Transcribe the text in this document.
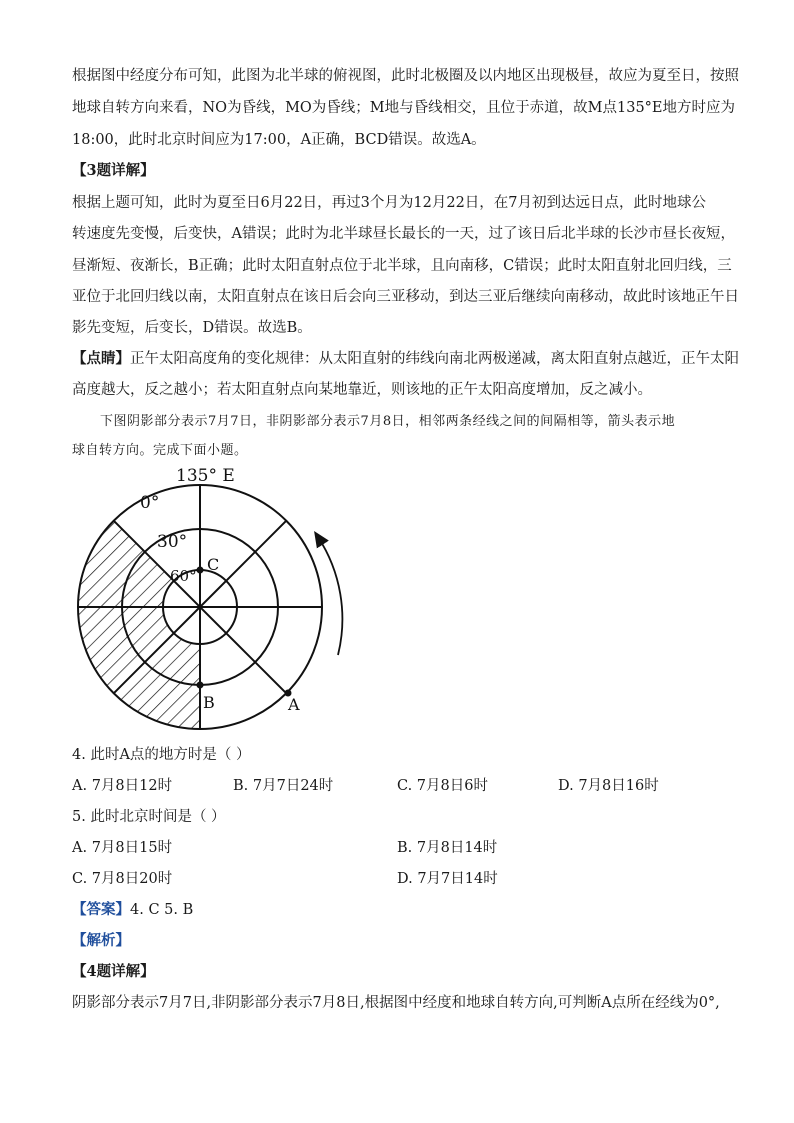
根据图中经度分布可知，此图为北半球的俯视图，此时北极圈及以内地区出现极昼，故应为夏至日，按照
地球自转方向来看，NO为昏线，MO为昏线；M地与昏线相交，且位于赤道，故M点135°E地方时应为
18:00，此时北京时间应为17:00，A正确，BCD错误。故选A。
【3题详解】
根据上题可知，此时为夏至日6月22日，再过3个月为12月22日，在7月初到达远日点，此时地球公
转速度先变慢，后变快，A错误；此时为北半球昼长最长的一天，过了该日后北半球的长沙市昼长夜短，
昼渐短、夜渐长，B正确；此时太阳直射点位于北半球，且向南移，C错误；此时太阳直射北回归线，三
亚位于北回归线以南，太阳直射点在该日后会向三亚移动，到达三亚后继续向南移动，故此时该地正午日
影先变短，后变长，D错误。故选B。
【点睛】正午太阳高度角的变化规律：从太阳直射的纬线向南北两极递减，离太阳直射点越近，正午太阳
高度越大，反之越小；若太阳直射点向某地靠近，则该地的正午太阳高度增加，反之减小。
下图阴影部分表示7月7日，非阴影部分表示7月8日，相邻两条经线之间的间隔相等，箭头表示地
球自转方向。完成下面小题。
135° E
0°
30°
60°
C
B	A
4. 此时A点的地方时是（ ）
A. 7月8日12时	B. 7月7日24时	C. 7月8日6时	D. 7月8日16时
5. 此时北京时间是（ ）
A. 7月8日15时	B. 7月8日14时
C. 7月8日20时	D. 7月7日14时
【答案】4. C 5. B
【解析】
【4题详解】
阴影部分表示7月7日,非阴影部分表示7月8日,根据图中经度和地球自转方向,可判断A点所在经线为0°,
